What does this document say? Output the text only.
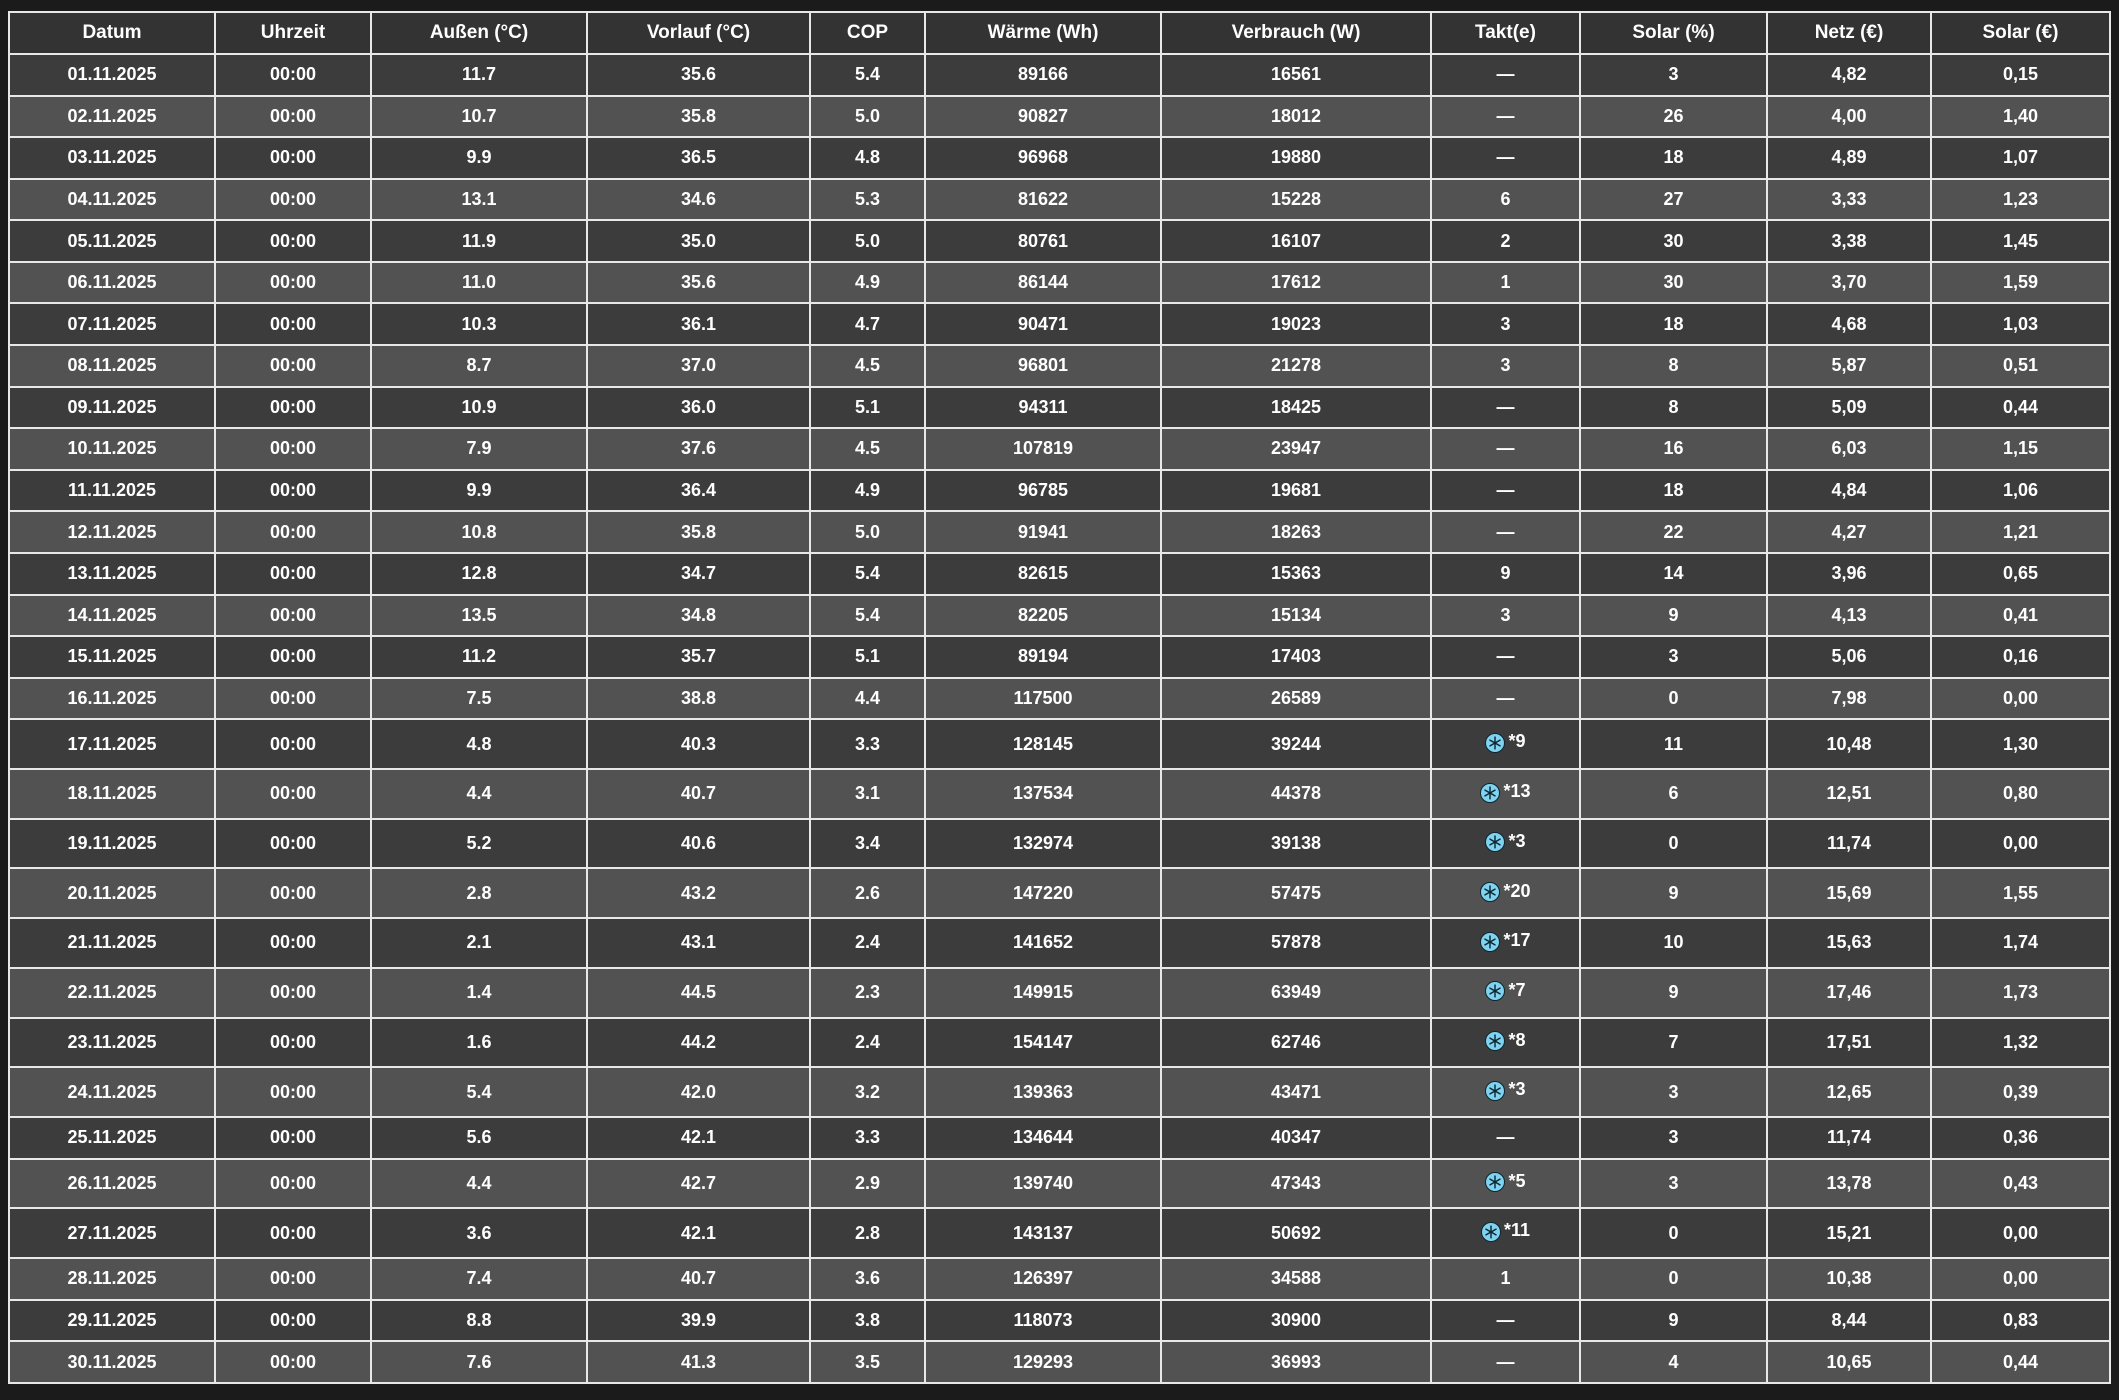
Datum	Uhrzeit	Außen (°C)	Vorlauf (°C)	COP	Wärme (Wh)	Verbrauch (W)	Takt(e)	Solar (%)	Netz (€)	Solar (€)
01.11.2025	00:00	11.7	35.6	5.4	89166	16561	—	3	4,82	0,15
02.11.2025	00:00	10.7	35.8	5.0	90827	18012	—	26	4,00	1,40
03.11.2025	00:00	9.9	36.5	4.8	96968	19880	—	18	4,89	1,07
04.11.2025	00:00	13.1	34.6	5.3	81622	15228	6	27	3,33	1,23
05.11.2025	00:00	11.9	35.0	5.0	80761	16107	2	30	3,38	1,45
06.11.2025	00:00	11.0	35.6	4.9	86144	17612	1	30	3,70	1,59
07.11.2025	00:00	10.3	36.1	4.7	90471	19023	3	18	4,68	1,03
08.11.2025	00:00	8.7	37.0	4.5	96801	21278	3	8	5,87	0,51
09.11.2025	00:00	10.9	36.0	5.1	94311	18425	—	8	5,09	0,44
10.11.2025	00:00	7.9	37.6	4.5	107819	23947	—	16	6,03	1,15
11.11.2025	00:00	9.9	36.4	4.9	96785	19681	—	18	4,84	1,06
12.11.2025	00:00	10.8	35.8	5.0	91941	18263	—	22	4,27	1,21
13.11.2025	00:00	12.8	34.7	5.4	82615	15363	9	14	3,96	0,65
14.11.2025	00:00	13.5	34.8	5.4	82205	15134	3	9	4,13	0,41
15.11.2025	00:00	11.2	35.7	5.1	89194	17403	—	3	5,06	0,16
16.11.2025	00:00	7.5	38.8	4.4	117500	26589	—	0	7,98	0,00
17.11.2025	00:00	4.8	40.3	3.3	128145	39244	*9	11	10,48	1,30
18.11.2025	00:00	4.4	40.7	3.1	137534	44378	*13	6	12,51	0,80
19.11.2025	00:00	5.2	40.6	3.4	132974	39138	*3	0	11,74	0,00
20.11.2025	00:00	2.8	43.2	2.6	147220	57475	*20	9	15,69	1,55
21.11.2025	00:00	2.1	43.1	2.4	141652	57878	*17	10	15,63	1,74
22.11.2025	00:00	1.4	44.5	2.3	149915	63949	*7	9	17,46	1,73
23.11.2025	00:00	1.6	44.2	2.4	154147	62746	*8	7	17,51	1,32
24.11.2025	00:00	5.4	42.0	3.2	139363	43471	*3	3	12,65	0,39
25.11.2025	00:00	5.6	42.1	3.3	134644	40347	—	3	11,74	0,36
26.11.2025	00:00	4.4	42.7	2.9	139740	47343	*5	3	13,78	0,43
27.11.2025	00:00	3.6	42.1	2.8	143137	50692	*11	0	15,21	0,00
28.11.2025	00:00	7.4	40.7	3.6	126397	34588	1	0	10,38	0,00
29.11.2025	00:00	8.8	39.9	3.8	118073	30900	—	9	8,44	0,83
30.11.2025	00:00	7.6	41.3	3.5	129293	36993	—	4	10,65	0,44
